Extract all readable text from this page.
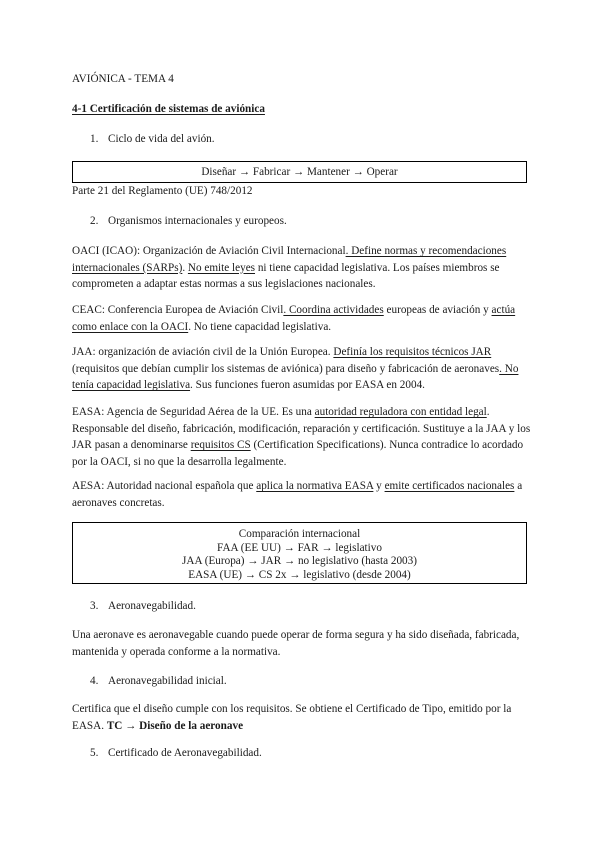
AVIÓNICA - TEMA 4
4-1 Certificación de sistemas de aviónica
1. Ciclo de vida del avión.
Diseñar → Fabricar → Mantener → Operar
Parte 21 del Reglamento (UE) 748/2012
2. Organismos internacionales y europeos.
OACI (ICAO): Organización de Aviación Civil Internacional. Define normas y recomendaciones internacionales (SARPs). No emite leyes ni tiene capacidad legislativa. Los países miembros se comprometen a adaptar estas normas a sus legislaciones nacionales.
CEAC: Conferencia Europea de Aviación Civil. Coordina actividades europeas de aviación y actúa como enlace con la OACI. No tiene capacidad legislativa.
JAA: organización de aviación civil de la Unión Europea. Definía los requisitos técnicos JAR (requisitos que debían cumplir los sistemas de aviónica) para diseño y fabricación de aeronaves. No tenía capacidad legislativa. Sus funciones fueron asumidas por EASA en 2004.
EASA: Agencia de Seguridad Aérea de la UE. Es una autoridad reguladora con entidad legal. Responsable del diseño, fabricación, modificación, reparación y certificación. Sustituye a la JAA y los JAR pasan a denominarse requisitos CS (Certification Specifications). Nunca contradice lo acordado por la OACI, si no que la desarrolla legalmente.
AESA: Autoridad nacional española que aplica la normativa EASA y emite certificados nacionales a aeronaves concretas.
Comparación internacional
FAA (EE UU) → FAR → legislativo
JAA (Europa) → JAR → no legislativo (hasta 2003)
EASA (UE) → CS 2x → legislativo (desde 2004)
3. Aeronavegabilidad.
Una aeronave es aeronavegable cuando puede operar de forma segura y ha sido diseñada, fabricada, mantenida y operada conforme a la normativa.
4. Aeronavegabilidad inicial.
Certifica que el diseño cumple con los requisitos. Se obtiene el Certificado de Tipo, emitido por la EASA. TC → Diseño de la aeronave
5. Certificado de Aeronavegabilidad.
